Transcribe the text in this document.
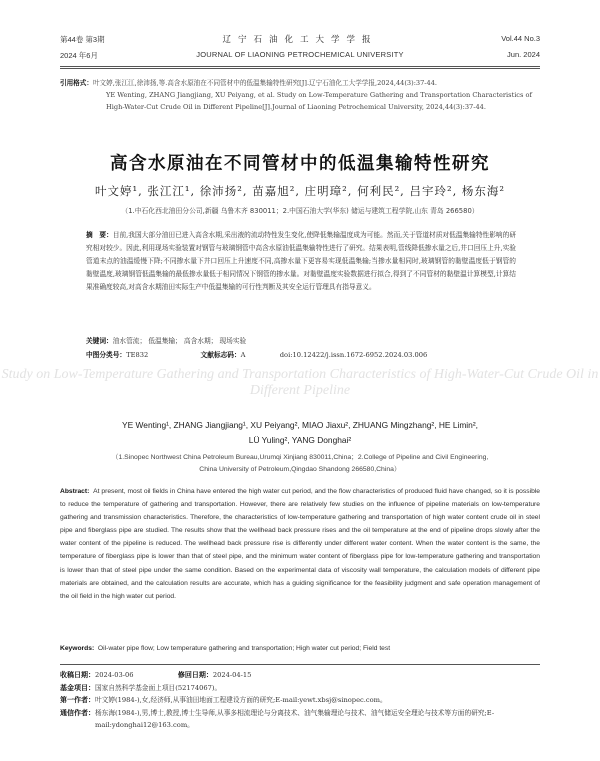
第44卷 第3期
2024 年6月
辽宁石油化工大学学报
JOURNAL OF LIAONING PETROCHEMICAL UNIVERSITY
Vol.44 No.3
Jun. 2024
引用格式： 叶文婷,张江江,徐沛扬,等.高含水原油在不同管材中的低温集输特性研究[J].辽宁石油化工大学学报,2024,44(3):37-44.
YE Wenting, ZHANG Jiangjiang, XU Peiyang, et al. Study on Low-Temperature Gathering and Transportation Characteristics of High-Water-Cut Crude Oil in Different Pipeline[J].Journal of Liaoning Petrochemical University, 2024,44(3):37-44.
高含水原油在不同管材中的低温集输特性研究
叶文婷¹, 张江江¹, 徐沛扬², 苗嘉旭², 庄明璋², 何利民², 吕宇玲², 杨东海²
（1.中石化西北油田分公司,新疆 乌鲁木齐 830011；2.中国石油大学(华东) 储运与建筑工程学院,山东 青岛 266580）
摘　要：目前,我国大部分油田已进入高含水期,采出液的流动特性发生变化,使降低集输温度成为可能。然而,关于管道材质对低温集输特性影响的研究相对较少。因此,利用现场实验装置对钢管与玻璃钢管中高含水原油低温集输特性进行了研究。结果表明,管线降低掺水量之后,井口回压上升,实验管道末点的油温缓慢下降;不同掺水量下井口回压上升速度不同,高掺水量下更容易实现低温集输;当掺水量相同时,玻璃钢管的黏壁温度低于钢管的黏壁温度,玻璃钢管低温集输的最低掺水量低于相同情况下钢管的掺水量。对黏壁温度实验数据进行拟合,得到了不同管材的黏壁温计算模型,计算结果准确度较高,对高含水期油田实际生产中低温集输的可行性判断及其安全运行管理具有指导意义。
关键词：油水管流； 低温集输； 高含水期； 现场实验
中图分类号：TE832	文献标志码：A	doi:10.12422/j.issn.1672-6952.2024.03.006
Study on Low-Temperature Gathering and Transportation Characteristics of High-Water-Cut Crude Oil in Different Pipeline
YE Wenting¹, ZHANG Jiangjiang¹, XU Peiyang², MIAO Jiaxu², ZHUANG Mingzhang², HE Limin²,
LÜ Yuling², YANG Donghai²
（1.Sinopec Northwest China Petroleum Bureau,Urumqi Xinjiang 830011,China；2.College of Pipeline and Civil Engineering,
China University of Petroleum,Qingdao Shandong 266580,China）
Abstract: At present, most oil fields in China have entered the high water cut period, and the flow characteristics of produced fluid have changed, so it is possible to reduce the temperature of gathering and transportation. However, there are relatively few studies on the influence of pipeline materials on low-temperature gathering and transmission characteristics. Therefore, the characteristics of low-temperature gathering and transportation of high water content crude oil in steel pipe and fiberglass pipe are studied. The results show that the wellhead back pressure rises and the oil temperature at the end of pipeline drops slowly after the water content of the pipeline is reduced. The wellhead back pressure rise is differently under different water content. When the water content is the same, the temperature of fiberglass pipe is lower than that of steel pipe, and the minimum water content of fiberglass pipe for low-temperature gathering and transportation is lower than that of steel pipe under the same condition. Based on the experimental data of viscosity wall temperature, the calculation models of different pipe materials are obtained, and the calculation results are accurate, which has a guiding significance for the feasibility judgment and safe operation management of the oil field in the high water cut period.
Keywords: Oil-water pipe flow; Low temperature gathering and transportation; High water cut period; Field test
收稿日期：2024-03-06	修回日期：2024-04-15
基金项目：国家自然科学基金面上项目(52174067)。
第一作者：叶文婷(1984-),女,经济师,从事油田地面工程建设方面的研究;E-mail:yewt.xbsj@sinopec.com。
通信作者： 杨东海(1984-),男,博士,教授,博士生导师,从事多相流理论与分离技术、油气集输理论与技术、油气储运安全理论与技术等方面的研究;E-mail:ydonghai12@163.com。
